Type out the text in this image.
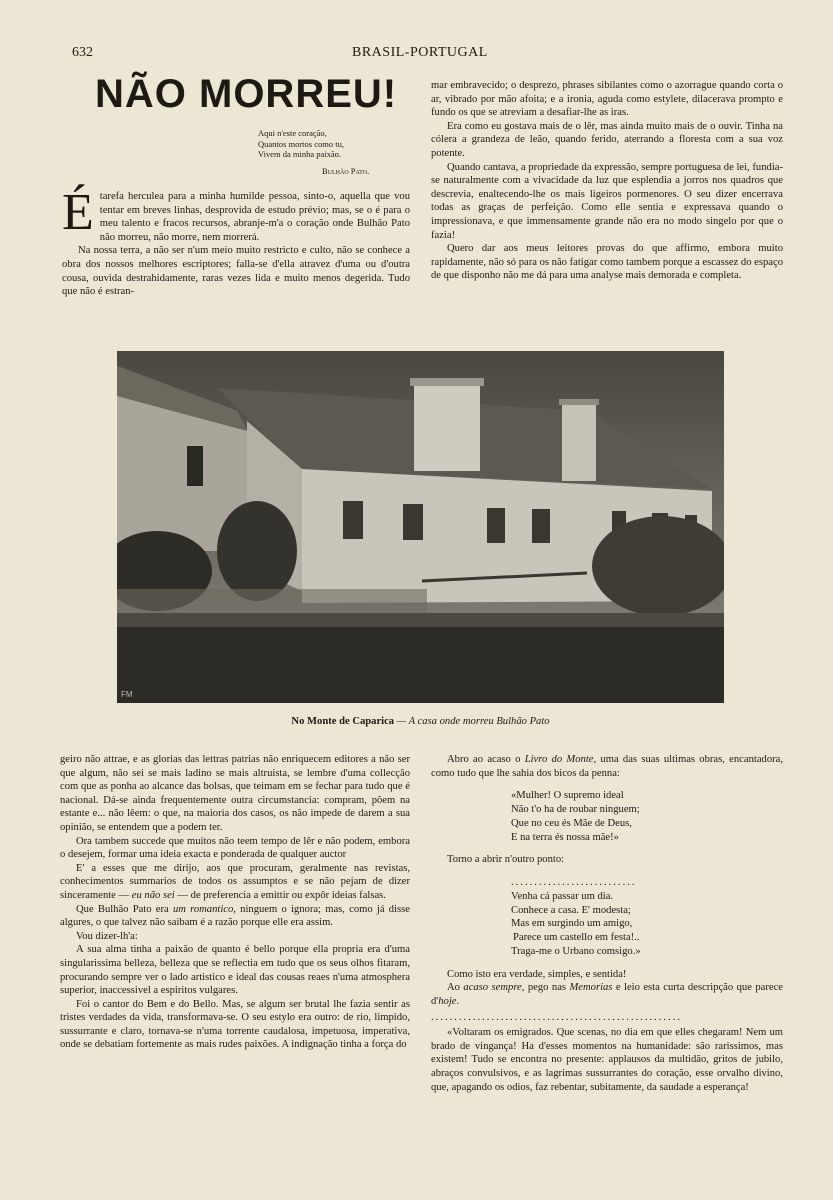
632	BRASIL-PORTUGAL
NÃO MORREU!
Aqui n'este coração,
Quantos mortos como tu,
Vivem da minha paixão.
Bulhão Pato.

Étarefa herculea para a minha humilde pessoa, sinto-o, aquella que vou tentar em breves linhas, desprovida de estudo prévio; mas, se o é para o meu talento e fracos recursos, abranje-m'a o coração onde Bulhão Pato não morreu, não morre, nem morrerá.

Na nossa terra, a não ser n'um meio muito restricto e culto, não se conhece a obra dos nossos melhores escriptores; falla-se d'ella atravez d'uma ou d'outra cousa, ouvida destrahidamente, raras vezes lida e muito menos degerida. Tudo que não é estran-

mar embravecido; o desprezo, phrases sibilantes como o azorrague quando corta o ar, vibrado por mão afoita; e a ironia, aguda como estylete, dilacerava prompto e fundo os que se atreviam a desafiar-lhe as iras.

Era como eu gostava mais de o lêr, mas ainda muito mais de o ouvir. Tinha na cólera a grandeza de leão, quando ferido, aterrando a floresta com a sua voz potente.

Quando cantava, a propriedade da expressão, sempre portuguesa de lei, fundia-se naturalmente com a vivacidade da luz que esplendia a jorros nos quadros que descrevia, enaltecendo-lhe os mais ligeiros pormenores. O seu dizer encerrava todas as graças de perfeição. Como elle sentia e expressava quando o impressionava, e que immensamente grande não era no modo singelo por que o fazia!

Quero dar aos meus leitores provas do que affirmo, embora muito rapidamente, não só para os não fatigar como tambem porque a escassez do espaço de que disponho não me dá para uma analyse mais demorada e completa.

FM
No Monte de Caparica — A casa onde morreu Bulhão Pato

geiro não attrae, e as glorias das lettras patrias não enriquecem editores a não ser que algum, não sei se mais ladino se mais altruista, se lembre d'uma collecção com que as ponha ao alcance das bolsas, que teimam em se fechar para tudo que é nacional. Dá-se ainda frequentemente outra circumstancia: compram, põem na estante e... não lêem: o que, na maioria dos casos, os não impede de darem a sua opinião, se entendem que a podem ter.

Ora tambem succede que muitos não teem tempo de lêr e não podem, embora o desejem, formar uma ideia exacta e ponderada de qualquer auctor

E' a esses que me dirijo, aos que procuram, geralmente nas revistas, conhecimentos summarios de todos os assumptos e se não pejam de dizer sinceramente — eu não sei — de preferencia a emittir ou expôr ideias falsas.

Que Bulhão Pato era um romantico, ninguem o ignora; mas, como já disse algures, o que talvez não saibam é a razão porque elle era assim.

Vou dizer-lh'a:

A sua alma tinha a paixão de quanto é bello porque ella propria era d'uma singularissima belleza, belleza que se reflectia em tudo que os seus olhos fitaram, procurando sempre ver o lado artistico e ideal das cousas reaes n'uma atmosphera superior, inaccessivel a espiritos vulgares.

Foi o cantor do Bem e do Bello. Mas, se algum ser brutal lhe fazia sentir as tristes verdades da vida, transformava-se. O seu estylo era outro: de rio, limpido, sussurrante e claro, tornava-se n'uma torrente caudalosa, impetuosa, imperativa, onde se debatiam fortemente as mais rudes paixões. A indignação tinha a força do

Abro ao acaso o Livro do Monte, uma das suas ultimas obras, encantadora, como tudo que lhe sahia dos bicos da penna:

«Mulher! O supremo ideal
Não t'o ha de roubar ninguem;
Que no ceu és Mãe de Deus,
E na terra és nossa mãe!»

Torno a abrir n'outro ponto:

...........................
Venha cá passar um dia.
Conhece a casa. E' modesta;
Mas em surgindo um amigo,
Parece um castello em festa!..
Traga-me o Urbano comsigo.»

Como isto era verdade, simples, e sentida!

Ao acaso sempre, pego nas Memorias e leio esta curta descripção que parece d'hoje.

......................................................

«Voltaram os emigrados. Que scenas, no dia em que elles chegaram! Nem um brado de vingança! Ha d'esses momentos na humanidade: são rarissimos, mas existem! Tudo se encontra no presente: applausos da multidão, gritos de jubilo, abraços convulsivos, e as lagrimas sussurrantes do coração, esse orvalho divino, que, apagando os odios, faz rebentar, subitamente, da saudade a esperança!
